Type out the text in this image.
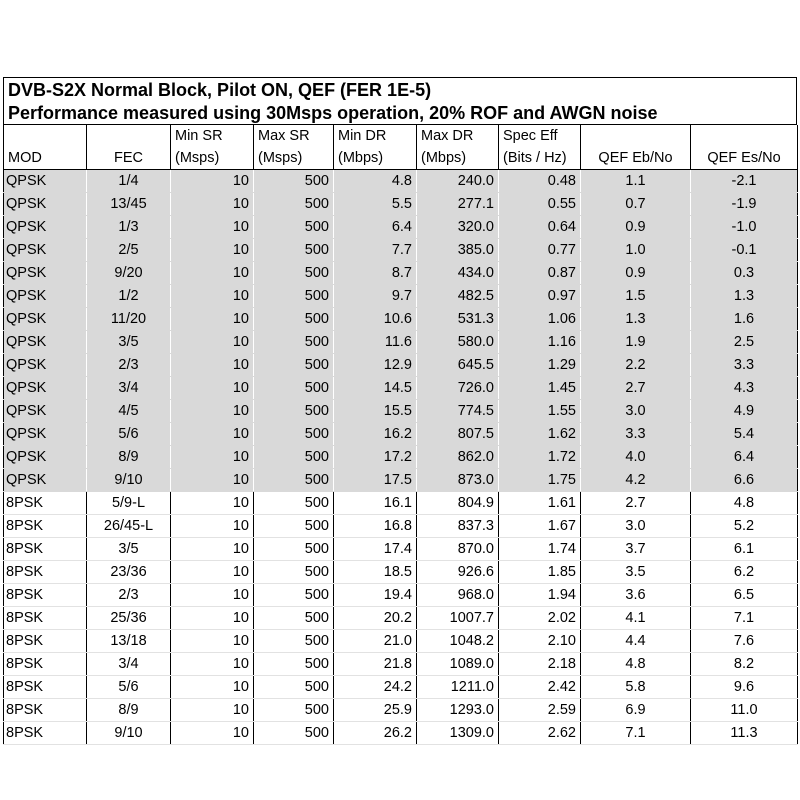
DVB-S2X Normal Block, Pilot ON, QEF (FER 1E-5)
Performance measured using 30Msps operation, 20% ROF and AWGN noise
		Min SR	Max SR	Min DR	Max DR	Spec Eff		
MOD	FEC	(Msps)	(Msps)	(Mbps)	(Mbps)	(Bits / Hz)	QEF Eb/No	QEF Es/No
QPSK	1/4	10	500	4.8	240.0	0.48	1.1	-2.1
QPSK	13/45	10	500	5.5	277.1	0.55	0.7	-1.9
QPSK	1/3	10	500	6.4	320.0	0.64	0.9	-1.0
QPSK	2/5	10	500	7.7	385.0	0.77	1.0	-0.1
QPSK	9/20	10	500	8.7	434.0	0.87	0.9	0.3
QPSK	1/2	10	500	9.7	482.5	0.97	1.5	1.3
QPSK	11/20	10	500	10.6	531.3	1.06	1.3	1.6
QPSK	3/5	10	500	11.6	580.0	1.16	1.9	2.5
QPSK	2/3	10	500	12.9	645.5	1.29	2.2	3.3
QPSK	3/4	10	500	14.5	726.0	1.45	2.7	4.3
QPSK	4/5	10	500	15.5	774.5	1.55	3.0	4.9
QPSK	5/6	10	500	16.2	807.5	1.62	3.3	5.4
QPSK	8/9	10	500	17.2	862.0	1.72	4.0	6.4
QPSK	9/10	10	500	17.5	873.0	1.75	4.2	6.6
8PSK	5/9-L	10	500	16.1	804.9	1.61	2.7	4.8
8PSK	26/45-L	10	500	16.8	837.3	1.67	3.0	5.2
8PSK	3/5	10	500	17.4	870.0	1.74	3.7	6.1
8PSK	23/36	10	500	18.5	926.6	1.85	3.5	6.2
8PSK	2/3	10	500	19.4	968.0	1.94	3.6	6.5
8PSK	25/36	10	500	20.2	1007.7	2.02	4.1	7.1
8PSK	13/18	10	500	21.0	1048.2	2.10	4.4	7.6
8PSK	3/4	10	500	21.8	1089.0	2.18	4.8	8.2
8PSK	5/6	10	500	24.2	1211.0	2.42	5.8	9.6
8PSK	8/9	10	500	25.9	1293.0	2.59	6.9	11.0
8PSK	9/10	10	500	26.2	1309.0	2.62	7.1	11.3
